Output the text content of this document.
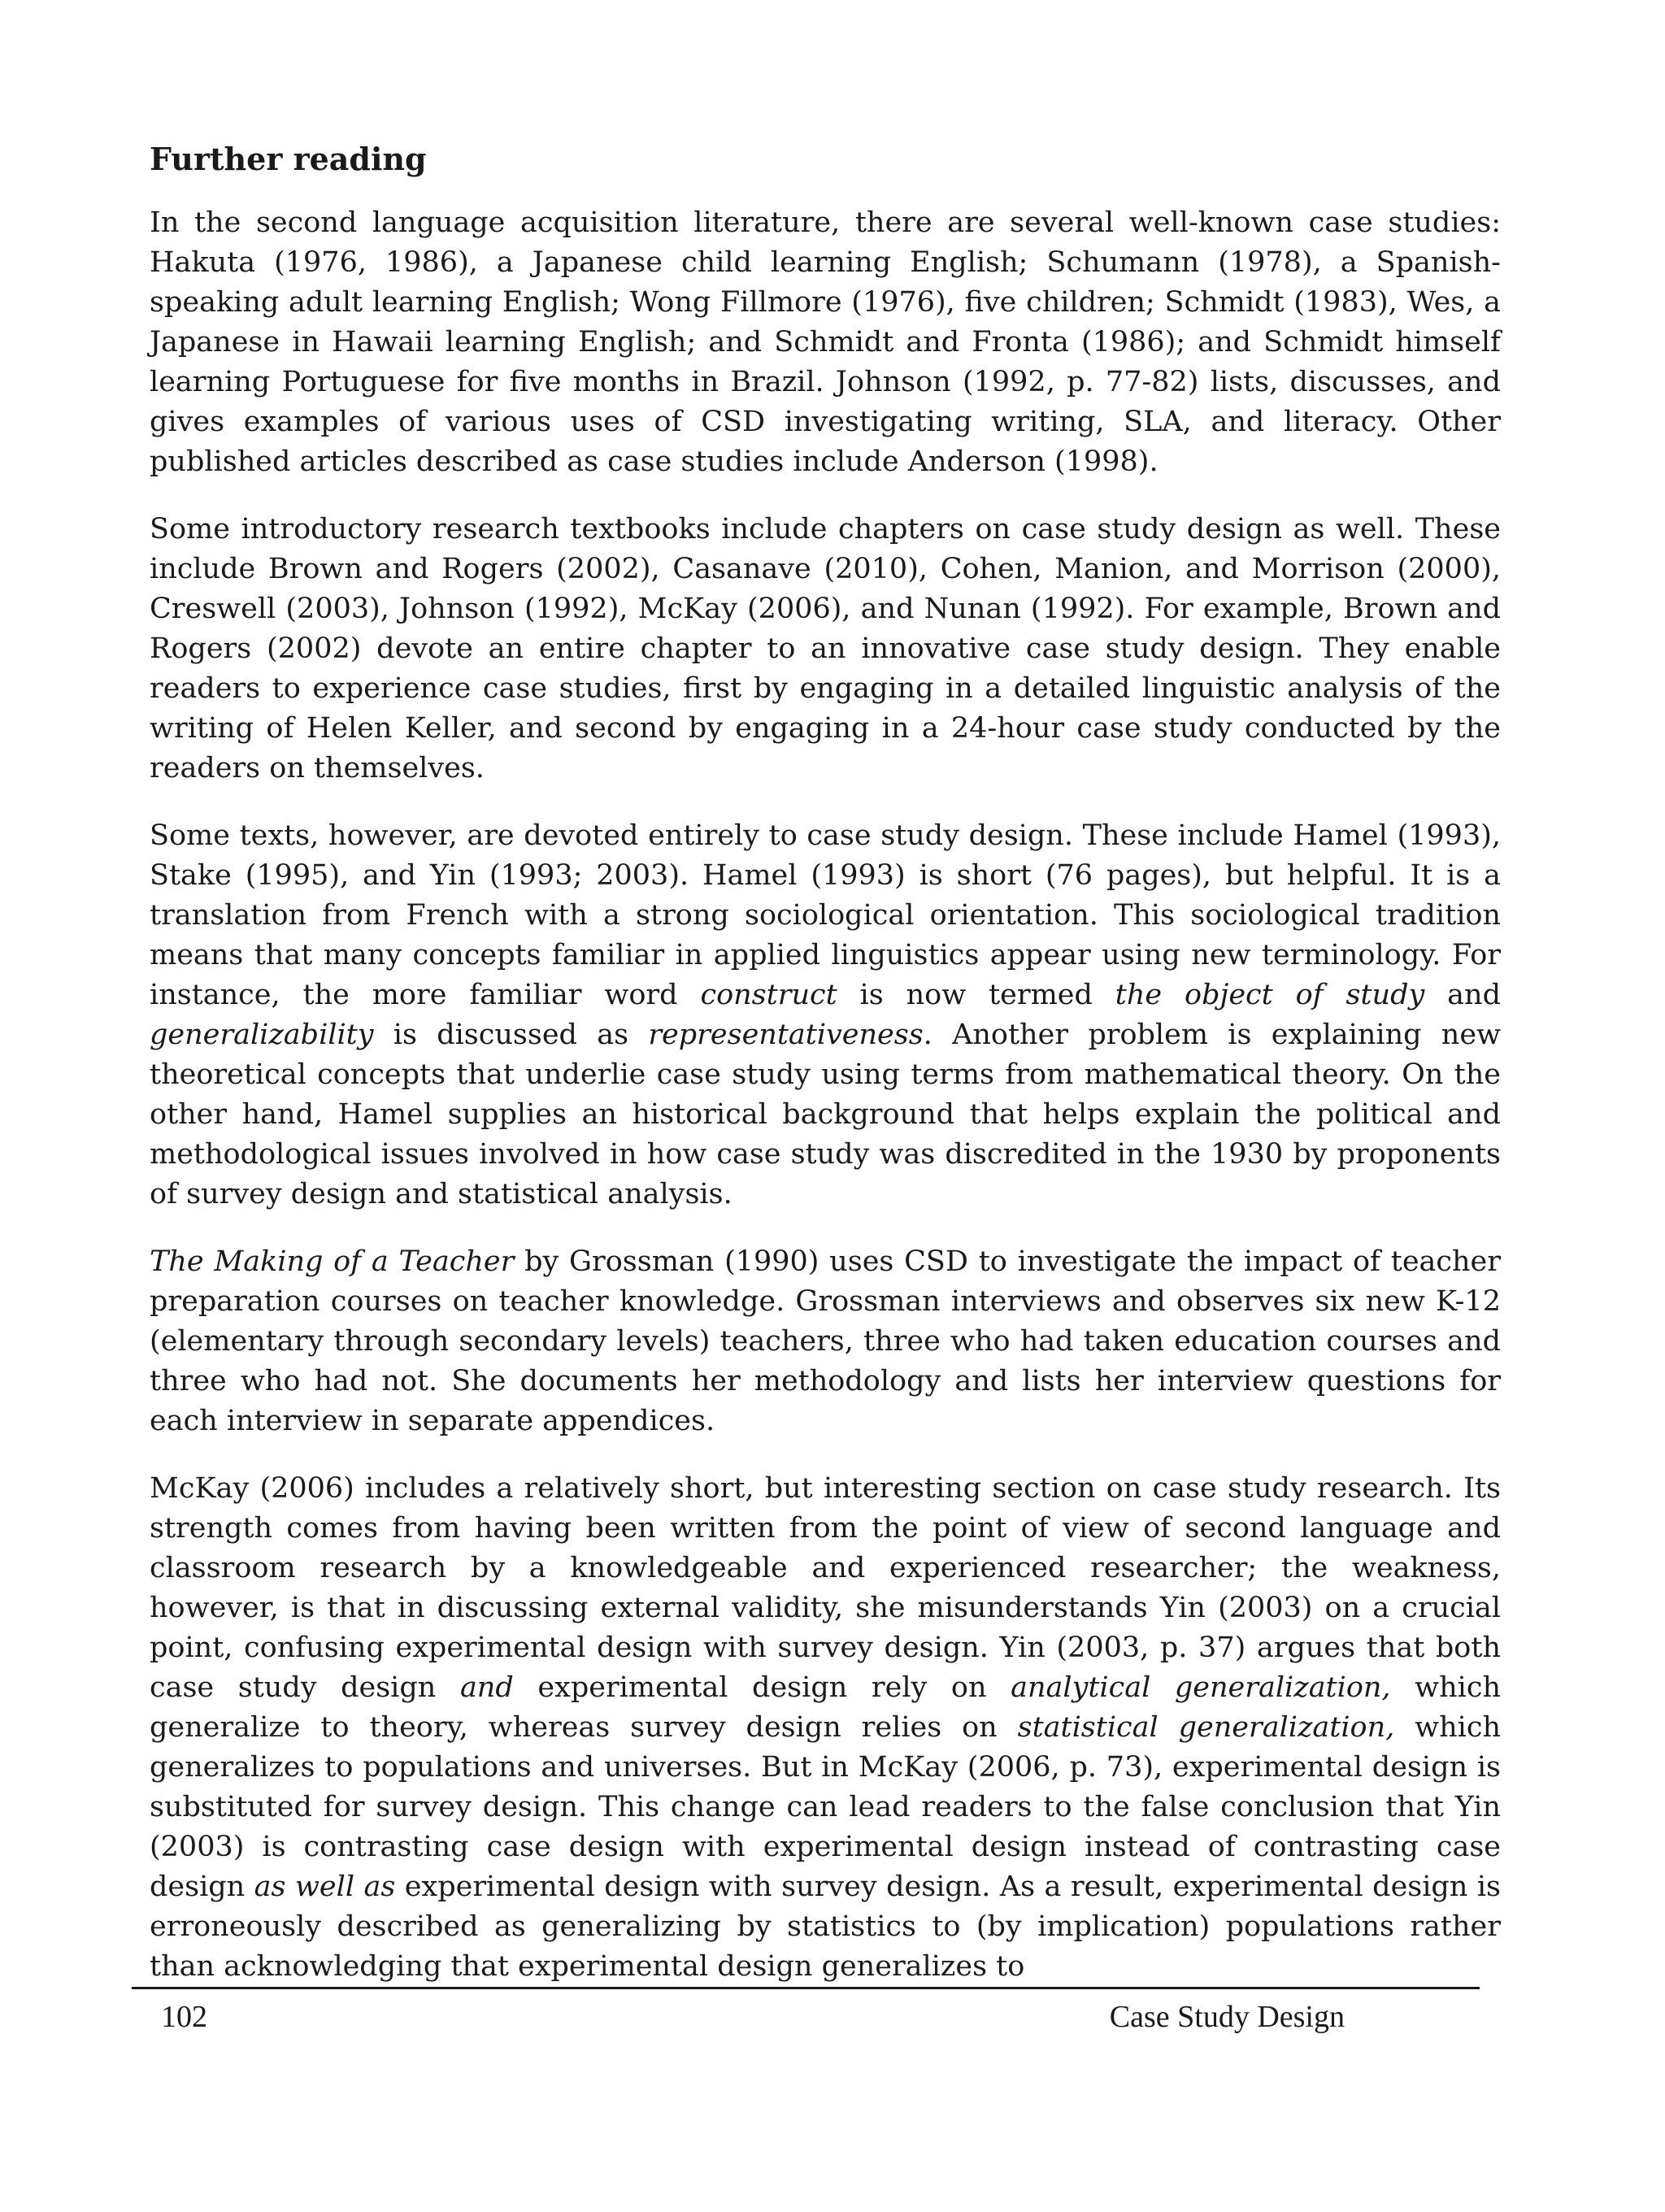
Further reading

In the second language acquisition literature, there are several well-known case studies: Hakuta (1976, 1986), a Japanese child learning English; Schumann (1978), a Spanish-speaking adult learning English; Wong Fillmore (1976), five children; Schmidt (1983), Wes, a Japanese in Hawaii learning English; and Schmidt and Fronta (1986); and Schmidt himself learning Portuguese for five months in Brazil. Johnson (1992, p. 77-82) lists, discusses, and gives examples of various uses of CSD investigating writing, SLA, and literacy. Other published articles described as case studies include Anderson (1998).

Some introductory research textbooks include chapters on case study design as well. These include Brown and Rogers (2002), Casanave (2010), Cohen, Manion, and Morrison (2000), Creswell (2003), Johnson (1992), McKay (2006), and Nunan (1992). For example, Brown and Rogers (2002) devote an entire chapter to an innovative case study design. They enable readers to experience case studies, first by engaging in a detailed linguistic analysis of the writing of Helen Keller, and second by engaging in a 24-hour case study conducted by the readers on themselves.

Some texts, however, are devoted entirely to case study design. These include Hamel (1993), Stake (1995), and Yin (1993; 2003). Hamel (1993) is short (76 pages), but helpful. It is a translation from French with a strong sociological orientation. This sociological tradition means that many concepts familiar in applied linguistics appear using new terminology. For instance, the more familiar word construct is now termed the object of study and generalizability is discussed as representativeness. Another problem is explaining new theoretical concepts that underlie case study using terms from mathematical theory. On the other hand, Hamel supplies an historical background that helps explain the political and methodological issues involved in how case study was discredited in the 1930 by proponents of survey design and statistical analysis.

The Making of a Teacher by Grossman (1990) uses CSD to investigate the impact of teacher preparation courses on teacher knowledge. Grossman interviews and observes six new K-12 (elementary through secondary levels) teachers, three who had taken education courses and three who had not. She documents her methodology and lists her interview questions for each interview in separate appendices.

McKay (2006) includes a relatively short, but interesting section on case study research. Its strength comes from having been written from the point of view of second language and classroom research by a knowledgeable and experienced researcher; the weakness, however, is that in discussing external validity, she misunderstands Yin (2003) on a crucial point, confusing experimental design with survey design. Yin (2003, p. 37) argues that both case study design and experimental design rely on analytical generalization, which generalize to theory, whereas survey design relies on statistical generalization, which generalizes to populations and universes. But in McKay (2006, p. 73), experimental design is substituted for survey design. This change can lead readers to the false conclusion that Yin (2003) is contrasting case design with experimental design instead of contrasting case design as well as experimental design with survey design. As a result, experimental design is erroneously described as generalizing by statistics to (by implication) populations rather than acknowledging that experimental design generalizes to

102	Case Study Design
